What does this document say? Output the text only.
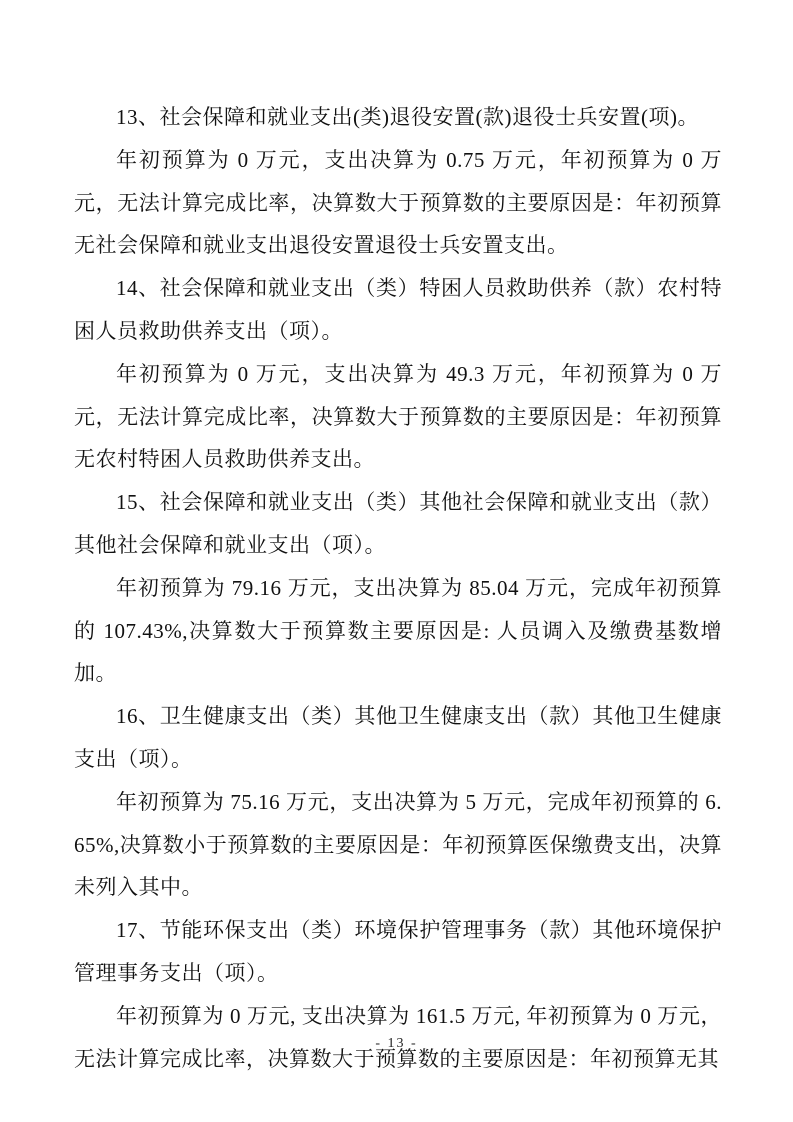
13、社会保障和就业支出(类)退役安置(款)退役士兵安置(项)。

年初预算为 0 万元，支出决算为 0.75 万元，年初预算为 0 万元，无法计算完成比率，决算数大于预算数的主要原因是：年初预算无社会保障和就业支出退役安置退役士兵安置支出。

14、社会保障和就业支出（类）特困人员救助供养（款）农村特困人员救助供养支出（项）。

年初预算为 0 万元，支出决算为 49.3 万元，年初预算为 0 万元，无法计算完成比率，决算数大于预算数的主要原因是：年初预算无农村特困人员救助供养支出。

15、社会保障和就业支出（类）其他社会保障和就业支出（款）其他社会保障和就业支出（项）。

年初预算为 79.16 万元，支出决算为 85.04 万元，完成年初预算的 107.43%,决算数大于预算数主要原因是: 人员调入及缴费基数增加。

16、卫生健康支出（类）其他卫生健康支出（款）其他卫生健康支出（项）。

年初预算为 75.16 万元，支出决算为 5 万元，完成年初预算的 6.65%,决算数小于预算数的主要原因是：年初预算医保缴费支出，决算未列入其中。

17、节能环保支出（类）环境保护管理事务（款）其他环境保护管理事务支出（项）。

年初预算为 0 万元, 支出决算为 161.5 万元, 年初预算为 0 万元，无法计算完成比率，决算数大于预算数的主要原因是：年初预算无其

- 13 -
